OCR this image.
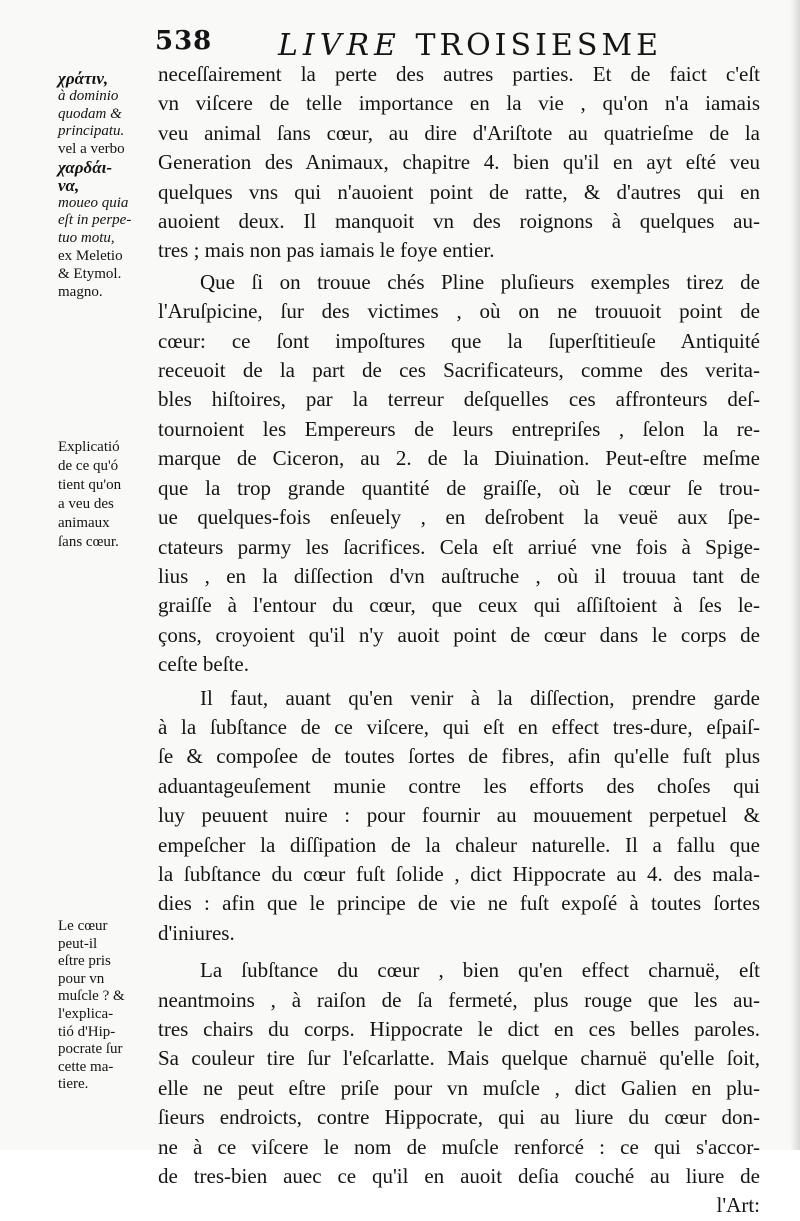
538 LIVRE TROISIESME
χράτιν,
à dominio
quodam &
principatu.
vel a verbo
χαρδάι-
να,
moueo quia
eſt in perpe-
tuo motu,
ex Meletio
& Etymol.
magno.
Explicatió
de ce qu'ó
tient qu'on
a veu des
animaux
ſans cœur.
Le cœur
peut-il
eſtre pris
pour vn
muſcle ? &
l'explica-
tió d'Hip-
pocrate ſur
cette ma-
tiere.
neceſſairement la perte des autres parties. Et de faict c'eſt
vn viſcere de telle importance en la vie , qu'on n'a iamais
veu animal ſans cœur, au dire d'Ariſtote au quatrieſme de la
Generation des Animaux, chapitre 4. bien qu'il en ayt eſté veu
quelques vns qui n'auoient point de ratte, & d'autres qui en
auoient deux. Il manquoit vn des roignons à quelques au-
tres ; mais non pas iamais le foye entier.
Que ſi on trouue chés Pline pluſieurs exemples tirez de
l'Aruſpicine, ſur des victimes , où on ne trouuoit point de
cœur: ce ſont impoſtures que la ſuperſtitieuſe Antiquité
receuoit de la part de ces Sacrificateurs, comme des verita-
bles hiſtoires, par la terreur deſquelles ces affronteurs deſ-
tournoient les Empereurs de leurs entrepriſes , ſelon la re-
marque de Ciceron, au 2. de la Diuination. Peut-eſtre meſme
que la trop grande quantité de graiſſe, où le cœur ſe trou-
ue quelques-fois enſeuely , en deſrobent la veuë aux ſpe-
ctateurs parmy les ſacrifices. Cela eſt arriué vne fois à Spige-
lius , en la diſſection d'vn auſtruche , où il trouua tant de
graiſſe à l'entour du cœur, que ceux qui aſſiſtoient à ſes le-
çons, croyoient qu'il n'y auoit point de cœur dans le corps de
ceſte beſte.
Il faut, auant qu'en venir à la diſſection, prendre garde
à la ſubſtance de ce viſcere, qui eſt en effect tres-dure, eſpaiſ-
ſe & compoſee de toutes ſortes de fibres, afin qu'elle fuſt plus
aduantageuſement munie contre les efforts des choſes qui
luy peuuent nuire : pour fournir au mouuement perpetuel &
empeſcher la diſſipation de la chaleur naturelle. Il a fallu que
la ſubſtance du cœur fuſt ſolide , dict Hippocrate au 4. des mala-
dies : afin que le principe de vie ne fuſt expoſé à toutes ſortes
d'iniures.
La ſubſtance du cœur , bien qu'en effect charnuë, eſt
neantmoins , à raiſon de ſa fermeté, plus rouge que les au-
tres chairs du corps. Hippocrate le dict en ces belles paroles.
Sa couleur tire ſur l'eſcarlatte. Mais quelque charnuë qu'elle ſoit,
elle ne peut eſtre priſe pour vn muſcle , dict Galien en plu-
ſieurs endroicts, contre Hippocrate, qui au liure du cœur don-
ne à ce viſcere le nom de muſcle renforcé : ce qui s'accor-
de tres-bien auec ce qu'il en auoit deſia couché au liure de
l'Art:
